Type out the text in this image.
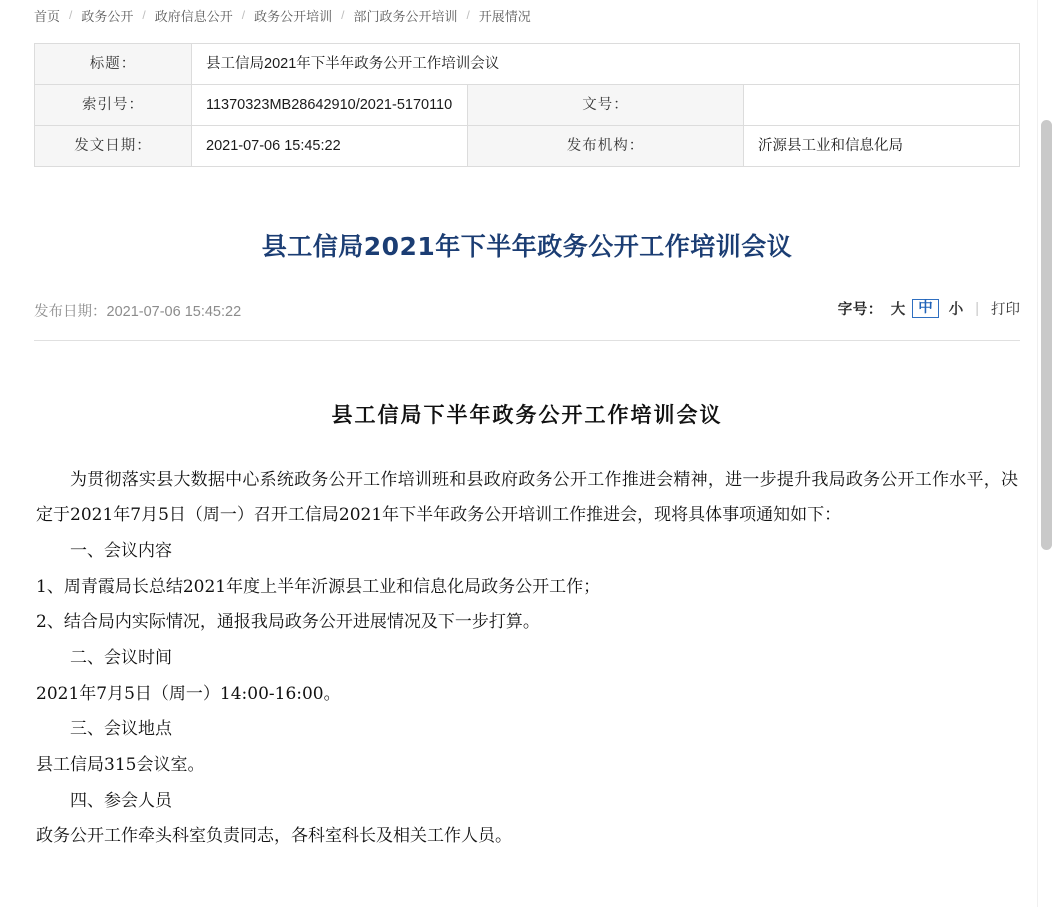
首页 / 政务公开 / 政府信息公开 / 政务公开培训 / 部门政务公开培训 / 开展情况
标题：	县工信局2021年下半年政务公开工作培训会议		
索引号：	11370323MB28642910/2021-5170110	文号：	
发文日期：	2021-07-06 15:45:22	发布机构：	沂源县工业和信息化局
县工信局2021年下半年政务公开工作培训会议
发布日期：2021-07-06 15:45:22	字号： 大 中	小 | 打印
县工信局下半年政务公开工作培训会议

为贯彻落实县大数据中心系统政务公开工作培训班和县政府政务公开工作推进会精神，进一步提升我局政务公开工作水平，决定于2021年7月5日（周一）召开工信局2021年下半年政务公开培训工作推进会，现将具体事项通知如下：

一、会议内容

1、周青霞局长总结2021年度上半年沂源县工业和信息化局政务公开工作；

2、结合局内实际情况，通报我局政务公开进展情况及下一步打算。

二、会议时间

2021年7月5日（周一）14:00-16:00。

三、会议地点

县工信局315会议室。

四、参会人员

政务公开工作牵头科室负责同志，各科室科长及相关工作人员。
